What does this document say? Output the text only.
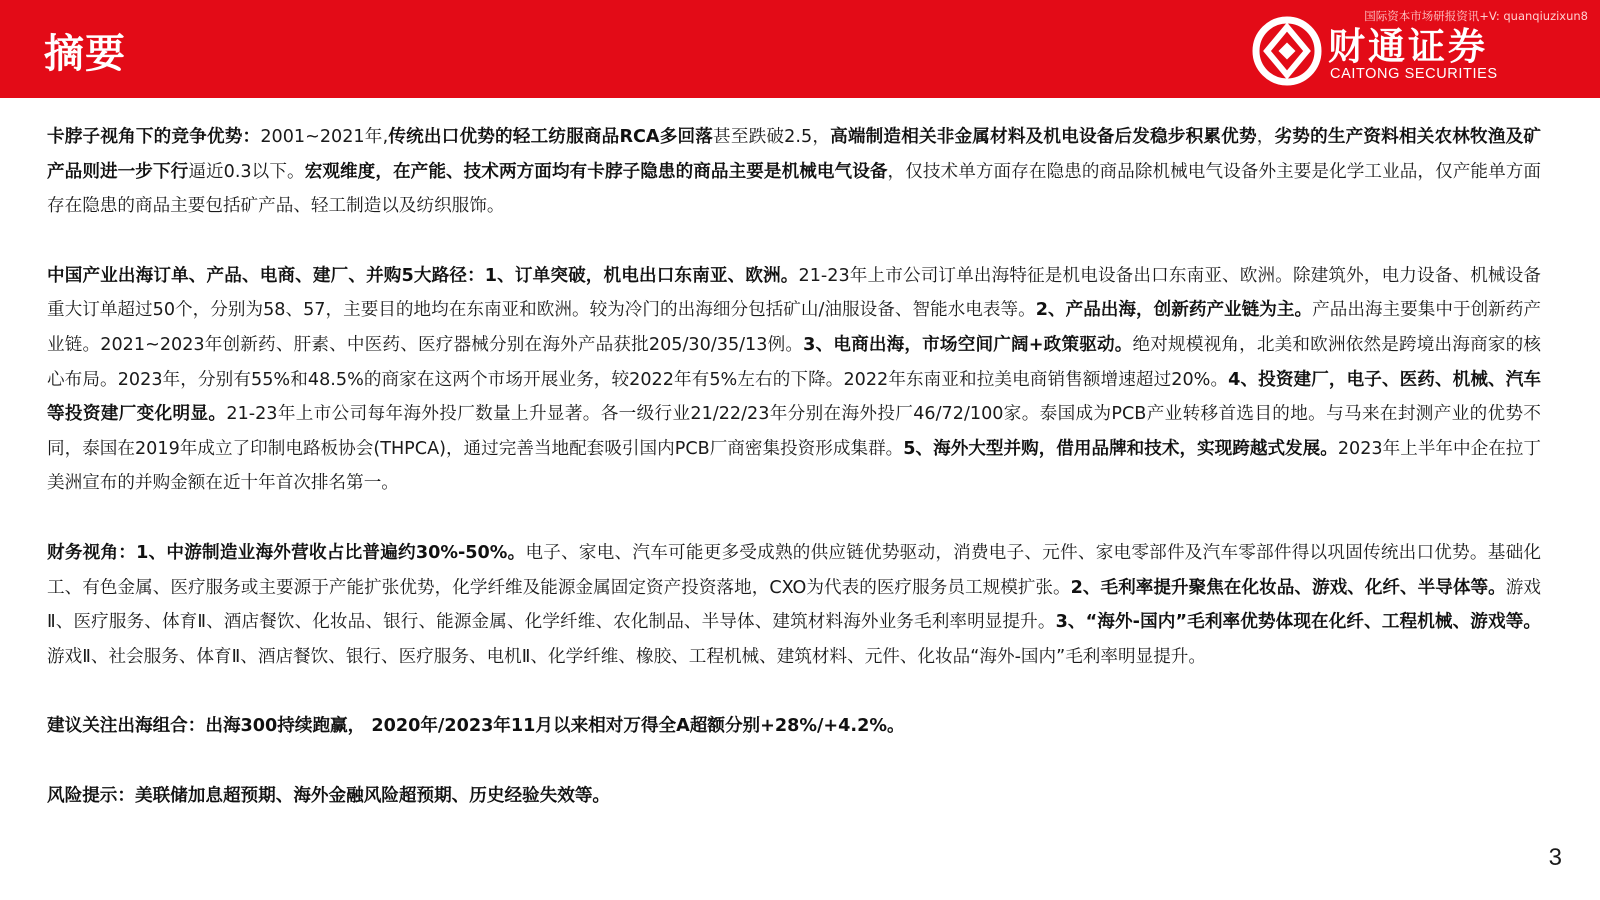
摘要
国际资本市场研报资讯+V: quanqiuzixun8
财通证券
CAITONG SECURITIES

卡脖子视角下的竞争优势：2001~2021年,传统出口优势的轻工纺服商品RCA多回落甚至跌破2.5，高端制造相关非金属材料及机电设备后发稳步积累优势，劣势的生产资料相关农林牧渔及矿产品则进一步下行逼近0.3以下。宏观维度，在产能、技术两方面均有卡脖子隐患的商品主要是机械电气设备，仅技术单方面存在隐患的商品除机械电气设备外主要是化学工业品，仅产能单方面存在隐患的商品主要包括矿产品、轻工制造以及纺织服饰。

中国产业出海订单、产品、电商、建厂、并购5大路径：1、订单突破，机电出口东南亚、欧洲。21-23年上市公司订单出海特征是机电设备出口东南亚、欧洲。除建筑外，电力设备、机械设备重大订单超过50个，分别为58、57，主要目的地均在东南亚和欧洲。较为冷门的出海细分包括矿山/油服设备、智能水电表等。2、产品出海，创新药产业链为主。产品出海主要集中于创新药产业链。2021~2023年创新药、肝素、中医药、医疗器械分别在海外产品获批205/30/35/13例。3、电商出海，市场空间广阔+政策驱动。绝对规模视角，北美和欧洲依然是跨境出海商家的核心布局。2023年，分别有55%和48.5%的商家在这两个市场开展业务，较2022年有5%左右的下降。2022年东南亚和拉美电商销售额增速超过20%。4、投资建厂，电子、医药、机械、汽车等投资建厂变化明显。21-23年上市公司每年海外投厂数量上升显著。各一级行业21/22/23年分别在海外投厂46/72/100家。泰国成为PCB产业转移首选目的地。与马来在封测产业的优势不同，泰国在2019年成立了印制电路板协会(THPCA)，通过完善当地配套吸引国内PCB厂商密集投资形成集群。5、海外大型并购，借用品牌和技术，实现跨越式发展。2023年上半年中企在拉丁美洲宣布的并购金额在近十年首次排名第一。

财务视角：1、中游制造业海外营收占比普遍约30%-50%。电子、家电、汽车可能更多受成熟的供应链优势驱动，消费电子、元件、家电零部件及汽车零部件得以巩固传统出口优势。基础化工、有色金属、医疗服务或主要源于产能扩张优势，化学纤维及能源金属固定资产投资落地，CXO为代表的医疗服务员工规模扩张。2、毛利率提升聚焦在化妆品、游戏、化纤、半导体等。游戏Ⅱ、医疗服务、体育Ⅱ、酒店餐饮、化妆品、银行、能源金属、化学纤维、农化制品、半导体、建筑材料海外业务毛利率明显提升。3、“海外-国内”毛利率优势体现在化纤、工程机械、游戏等。游戏Ⅱ、社会服务、体育Ⅱ、酒店餐饮、银行、医疗服务、电机Ⅱ、化学纤维、橡胶、工程机械、建筑材料、元件、化妆品“海外-国内”毛利率明显提升。

建议关注出海组合：出海300持续跑赢， 2020年/2023年11月以来相对万得全A超额分别+28%/+4.2%。

风险提示：美联储加息超预期、海外金融风险超预期、历史经验失效等。

3
